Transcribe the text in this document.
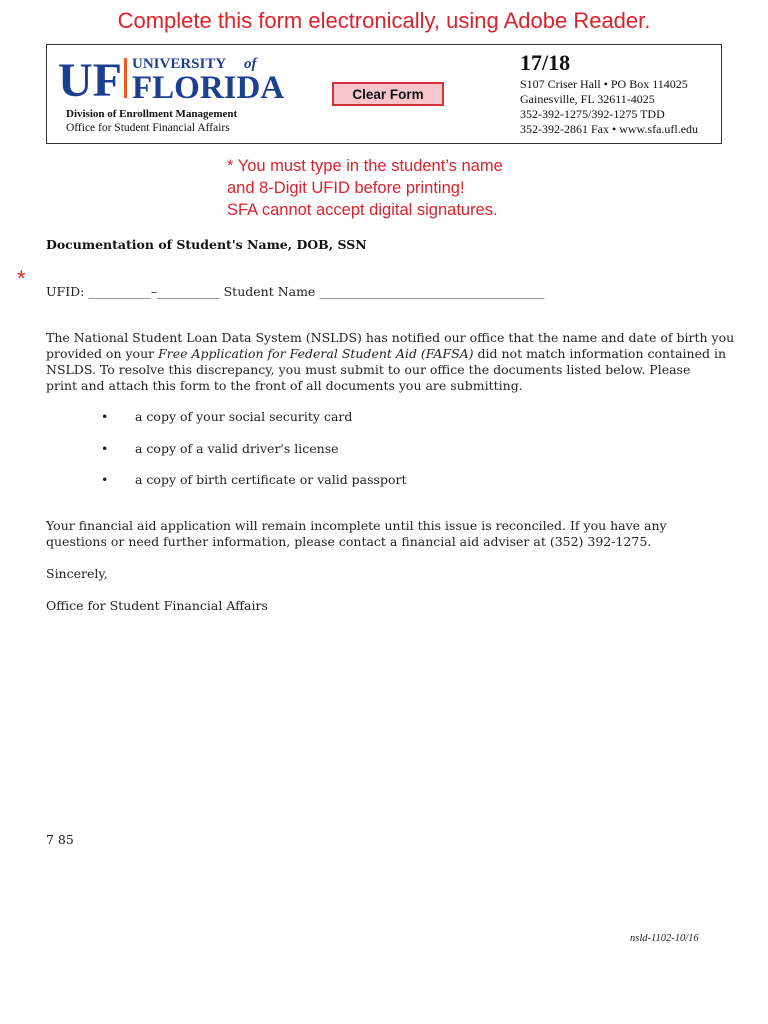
Complete this form electronically, using Adobe Reader.
UF UNIVERSITY of
FLORIDA
Division of Enrollment Management
Office for Student Financial Affairs
Clear Form
17/18
S107 Criser Hall • PO Box 114025
Gainesville, FL 32611-4025
352-392-1275/392-1275 TDD
352-392-2861 Fax • www.sfa.ufl.edu
* You must type in the student’s name
and 8-Digit UFID before printing!
SFA cannot accept digital signatures.
Documentation of Student's Name, DOB, SSN
*
UFID: __________–__________ Student Name ____________________________________
The National Student Loan Data System (NSLDS) has notified our office that the name and date of birth you
provided on your Free Application for Federal Student Aid (FAFSA) did not match information contained in
NSLDS. To resolve this discrepancy, you must submit to our office the documents listed below. Please
print and attach this form to the front of all documents you are submitting.
• a copy of your social security card
• a copy of a valid driver's license
• a copy of birth certificate or valid passport
Your financial aid application will remain incomplete until this issue is reconciled. If you have any
questions or need further information, please contact a financial aid adviser at (352) 392-1275.
Sincerely,
Office for Student Financial Affairs
7 85
nsld-1102-10/16
